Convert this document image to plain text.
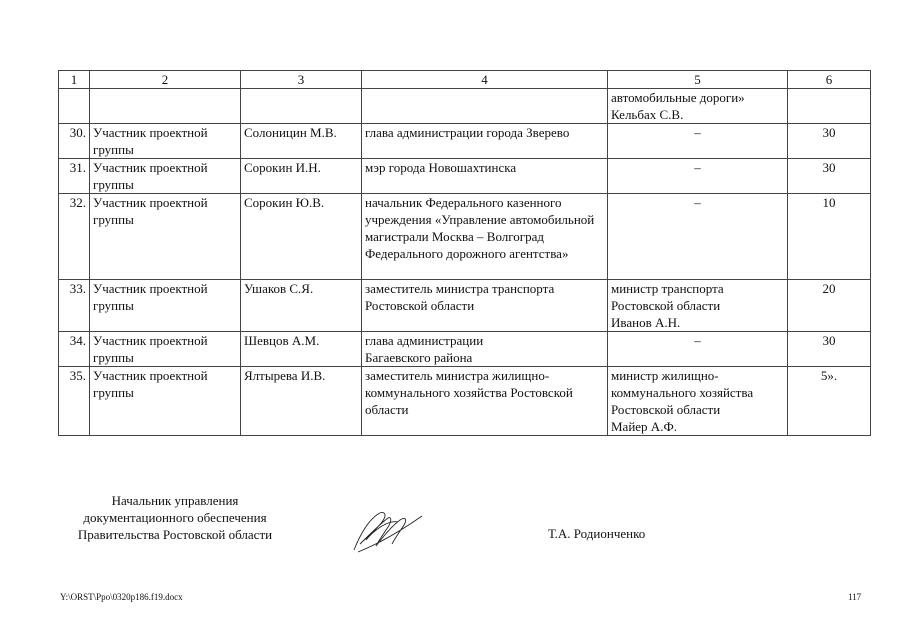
1	2	3	4	5	6
				автомобильные дороги»
Кельбах С.В.	
30.	Участник проектной группы	Солоницин М.В.	глава администрации города Зверево	–	30
31.	Участник проектной группы	Сорокин И.Н.	мэр города Новошахтинска	–	30
32.	Участник проектной группы	Сорокин Ю.В.	начальник Федерального казенного учреждения «Управление автомобильной магистрали Москва – Волгоград Федерального дорожного агентства»	–	10
33.	Участник проектной группы	Ушаков С.Я.	заместитель министра транспорта Ростовской области	министр транспорта Ростовской области
Иванов А.Н.	20
34.	Участник проектной группы	Шевцов А.М.	глава администрации
Багаевского района	–	30
35.	Участник проектной группы	Ялтырева И.В.	заместитель министра жилищно-коммунального хозяйства Ростовской области	министр жилищно-коммунального хозяйства Ростовской области
Майер А.Ф.	5».
Начальник управления
документационного обеспечения
Правительства Ростовской области	Т.А. Родионченко
Y:\ORST\Ppo\0320p186.f19.docx	117
